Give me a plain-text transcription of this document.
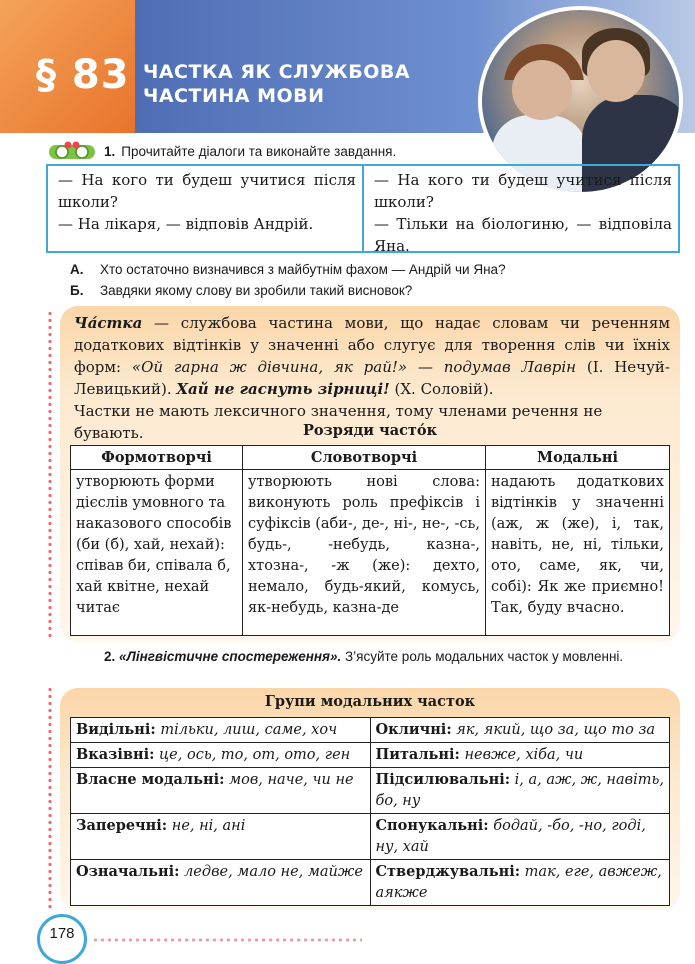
§ 83 ЧАСТКА ЯК СЛУЖБОВА
ЧАСТИНА МОВИ
1. Прочитайте діалоги та виконайте завдання.
— На кого ти будеш учитися після школи?
— На лікаря, — відповів Андрій.
— На кого ти будеш учитися після школи?
— Тільки на біологиню, — відповіла Яна.
А. Хто остаточно визначився з майбутнім фахом — Андрій чи Яна?
Б. Завдяки якому слову ви зробили такий висновок?
Ча́стка — службова частина мови, що надає словам чи реченням додаткових відтінків у значенні або слугує для творення слів чи їхніх форм: «Ой гарна ж дівчина, як рай!» — подумав Лаврін (І. Нечуй-Левицький). Хай не гаснуть зірниці! (Х. Соловій).
Частки не мають лексичного значення, тому членами речення не бувають.	Розряди часто́к
Формотворчі	Словотворчі	Модальні
утворюють форми дієслів умовного та наказового способів (би (б), хай, нехай): співав би, співала б, хай квітне, нехай читає	утворюють нові слова: виконують роль префіксів і суфіксів (аби-, де-, ні-, не-, -сь, будь-, -небудь, казна-, хтозна-, -ж (же): дехто, немало, будь-який, комусь, як-небудь, казна-де	надають додаткових відтінків у значенні (аж, ж (же), і, так, навіть, не, ні, тільки, ото, саме, як, чи, собі): Як же приємно! Так, буду вчасно.
2. «Лінгвістичне спостереження». З’ясуйте роль модальних часток у мовленні.
Групи модальних часток
Видільні: тільки, лиш, саме, хоч	Окличні: як, який, що за, що то за
Вказівні: це, ось, то, от, ото, ген	Питальні: невже, хіба, чи
Власне модальні: мов, наче, чи не	Підсилювальні: і, а, аж, ж, навіть, бо, ну
Заперечні: не, ні, ані	Спонукальні: бодай, -бо, -но, годі, ну, хай
Означальні: ледве, мало не, майже	Стверджувальні: так, еге, авжеж, аякже
178
